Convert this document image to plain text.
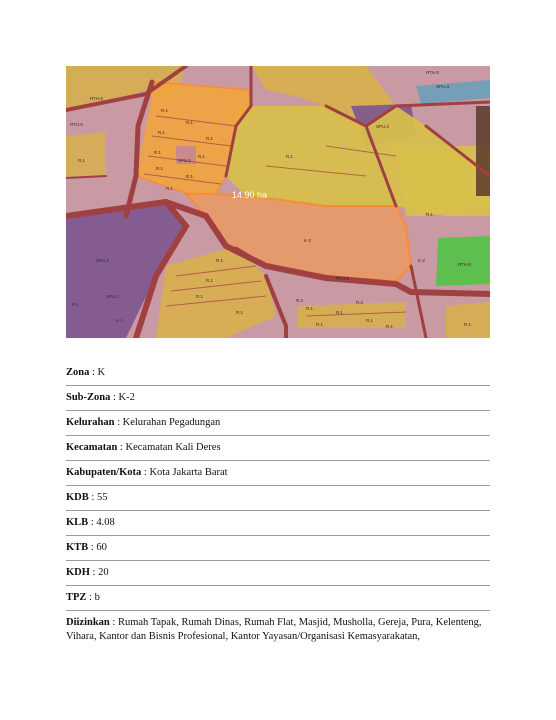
R.1
R.1
R.1
R.1
R.1
R.1
R.1
R.1
R.1
R.1
K-2
RTH.6
RTH.6
RTH.6
RTH.6
RTH.6
SPU.2
SPU.2
SPU.3
SPU.1
SPU.1
R.1
R.1
R.1
R.1
R.1
R.1
R.1
R.1	R.1
R.2	R.2
K-2
R.1
R.1
R.1
K-1
R.1
14.90 ha
Zona : K
Sub-Zona : K-2
Kelurahan : Kelurahan Pegadungan
Kecamatan : Kecamatan Kali Deres
Kabupaten/Kota : Kota Jakarta Barat
KDB : 55
KLB : 4.08
KTB : 60
KDH : 20
TPZ : b
Diizinkan : Rumah Tapak, Rumah Dinas, Rumah Flat, Masjid, Musholla, Gereja, Pura, Kelenteng, Vihara, Kantor dan Bisnis Profesional, Kantor Yayasan/Organisasi Kemasyarakatan,
